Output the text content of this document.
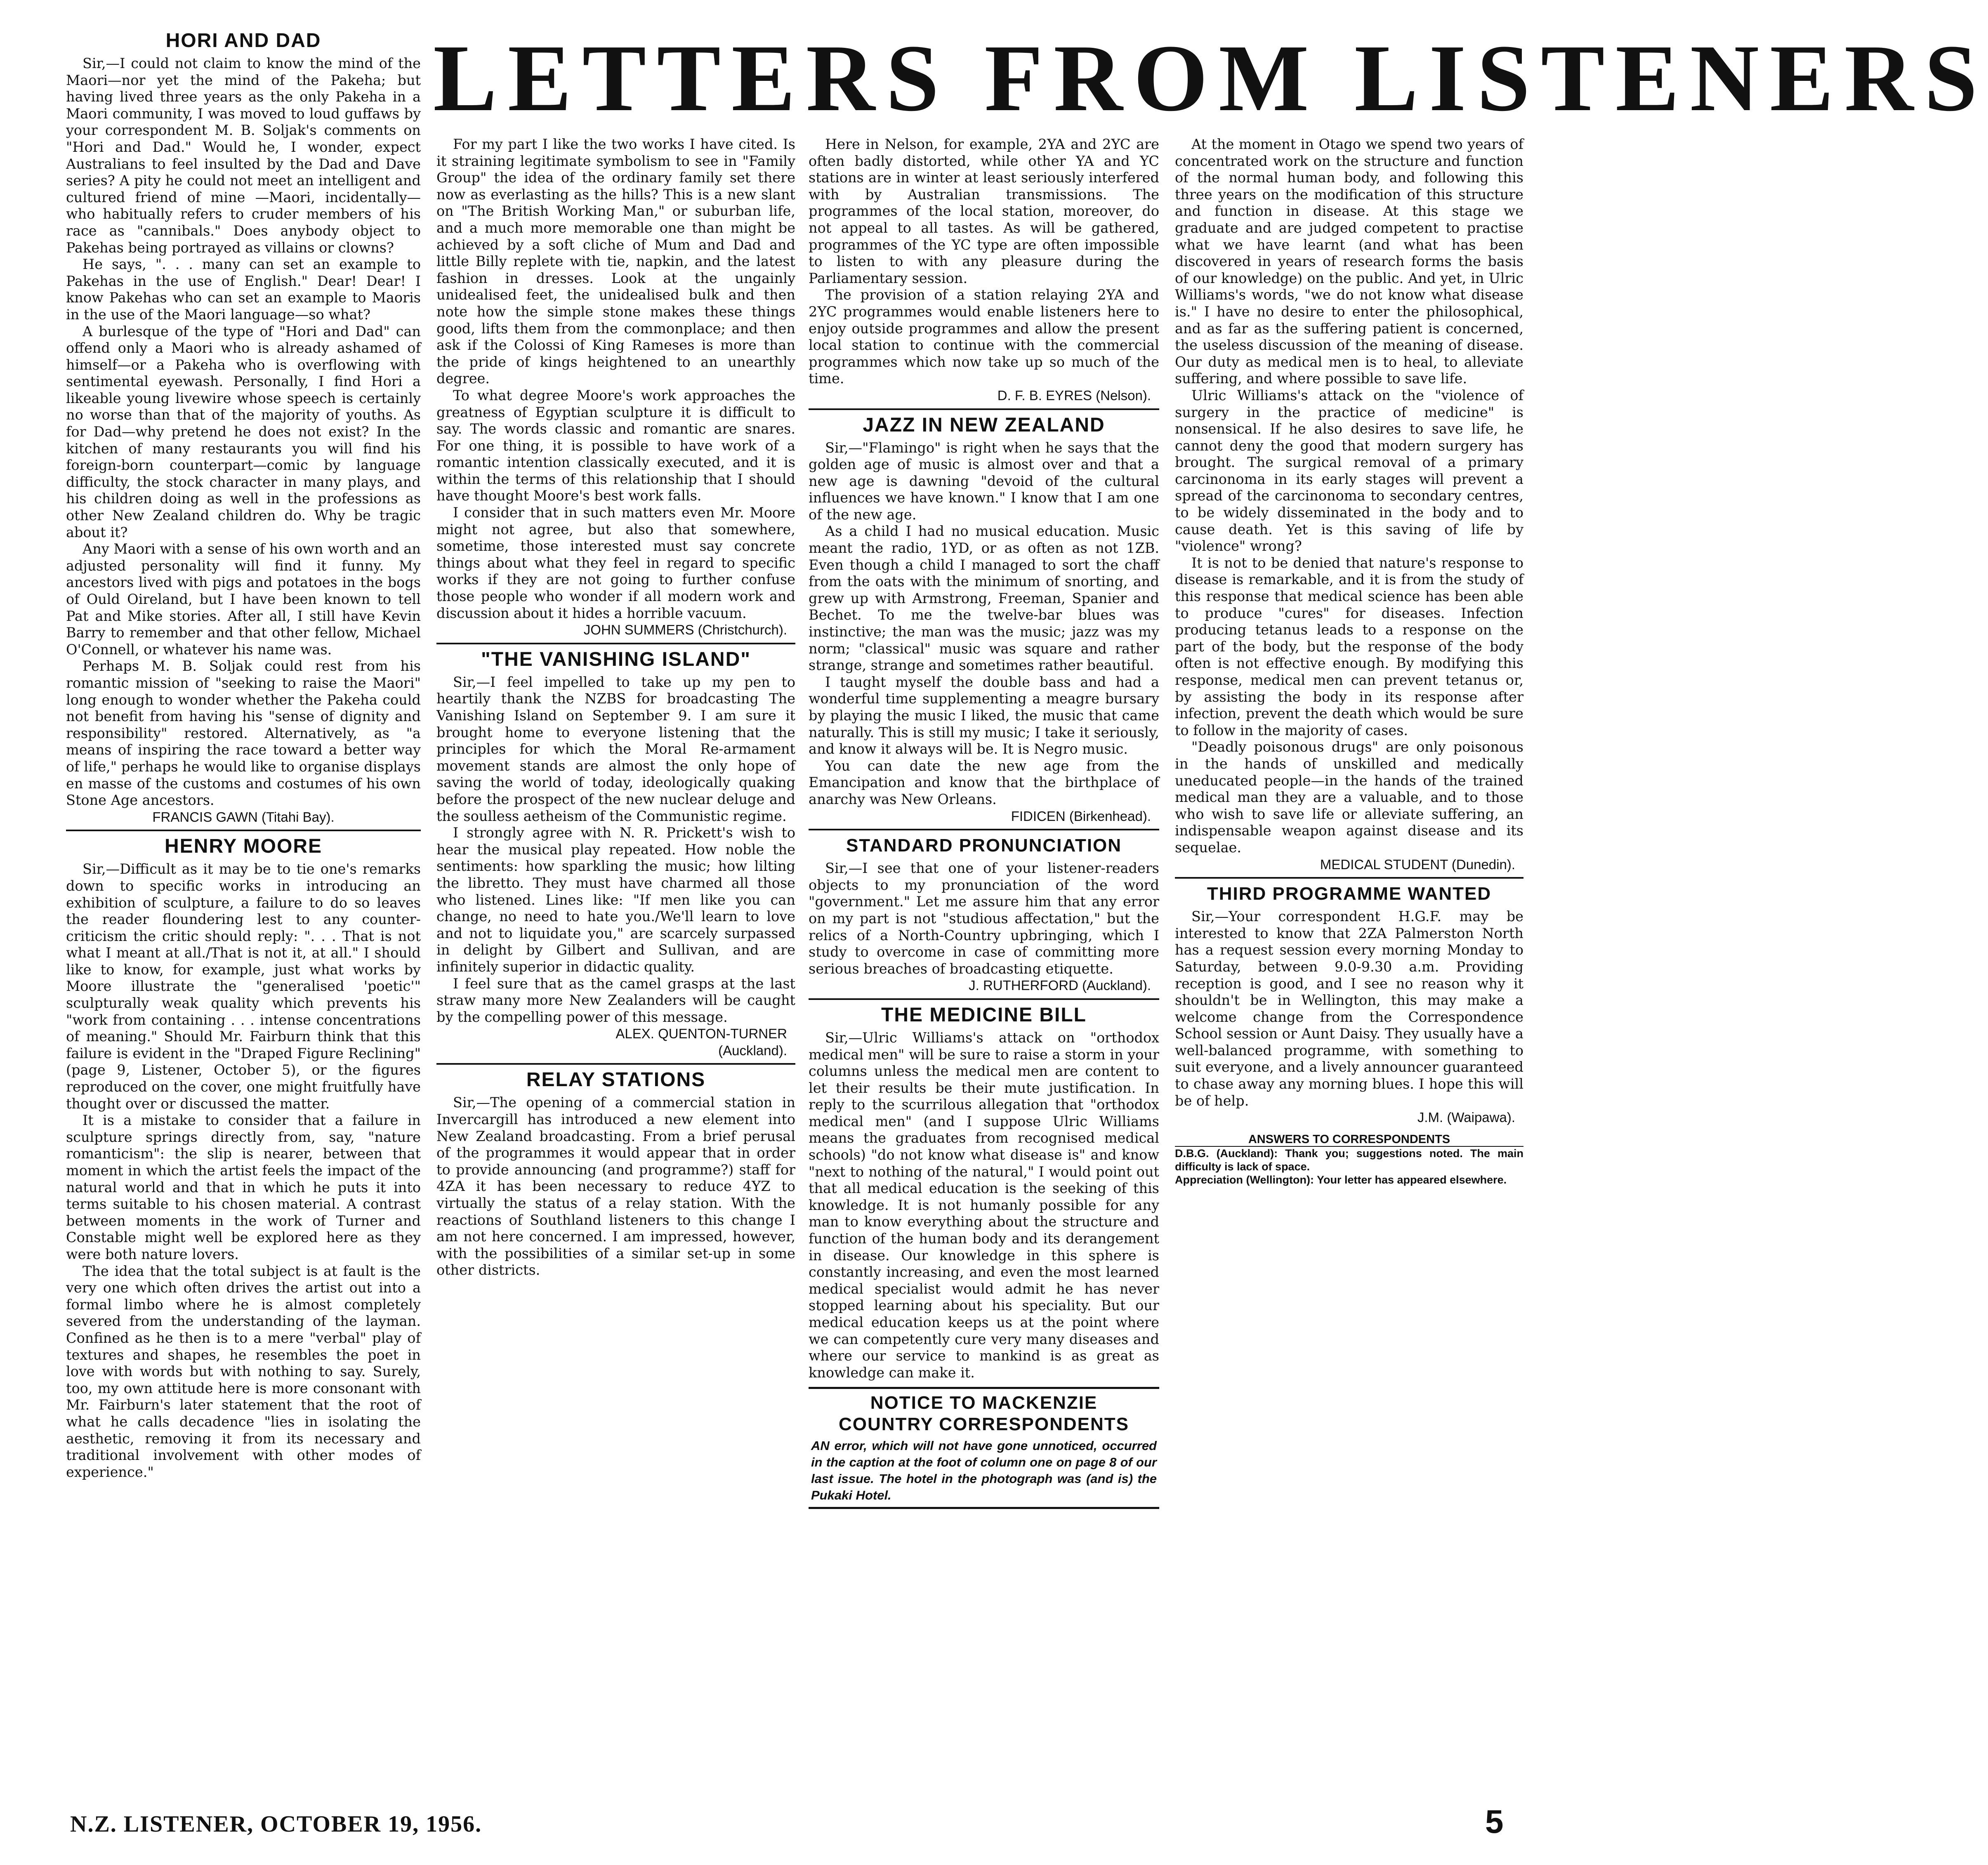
LETTERS FROM LISTENERS
HORI AND DAD

Sir,—I could not claim to know the mind of the Maori—nor yet the mind of the Pakeha; but having lived three years as the only Pakeha in a Maori community, I was moved to loud guffaws by your correspondent M. B. Soljak's comments on "Hori and Dad." Would he, I wonder, expect Australians to feel insulted by the Dad and Dave series? A pity he could not meet an intelligent and cultured friend of mine —Maori, incidentally—who habitually refers to cruder members of his race as "cannibals." Does anybody object to Pakehas being portrayed as villains or clowns?

He says, ". . . many can set an example to Pakehas in the use of English." Dear! Dear! I know Pakehas who can set an example to Maoris in the use of the Maori language—so what?

A burlesque of the type of "Hori and Dad" can offend only a Maori who is already ashamed of himself—or a Pakeha who is overflowing with sentimental eyewash. Personally, I find Hori a likeable young livewire whose speech is certainly no worse than that of the majority of youths. As for Dad—why pretend he does not exist? In the kitchen of many restaurants you will find his foreign-born counterpart—comic by language difficulty, the stock character in many plays, and his children doing as well in the professions as other New Zealand children do. Why be tragic about it?

Any Maori with a sense of his own worth and an adjusted personality will find it funny. My ancestors lived with pigs and potatoes in the bogs of Ould Oireland, but I have been known to tell Pat and Mike stories. After all, I still have Kevin Barry to remember and that other fellow, Michael O'Connell, or whatever his name was.

Perhaps M. B. Soljak could rest from his romantic mission of "seeking to raise the Maori" long enough to wonder whether the Pakeha could not benefit from having his "sense of dignity and responsibility" restored. Alternatively, as "a means of inspiring the race toward a better way of life," perhaps he would like to organise displays en masse of the customs and costumes of his own Stone Age ancestors.

FRANCIS GAWN (Titahi Bay).

HENRY MOORE

Sir,—Difficult as it may be to tie one's remarks down to specific works in introducing an exhibition of sculpture, a failure to do so leaves the reader floundering lest to any counter-criticism the critic should reply: ". . . That is not what I meant at all./That is not it, at all." I should like to know, for example, just what works by Moore illustrate the "generalised 'poetic'" sculpturally weak quality which prevents his "work from containing . . . intense concentrations of meaning." Should Mr. Fairburn think that this failure is evident in the "Draped Figure Reclining" (page 9, Listener, October 5), or the figures reproduced on the cover, one might fruitfully have thought over or discussed the matter.

It is a mistake to consider that a failure in sculpture springs directly from, say, "nature romanticism": the slip is nearer, between that moment in which the artist feels the impact of the natural world and that in which he puts it into terms suitable to his chosen material. A contrast between moments in the work of Turner and Constable might well be explored here as they were both nature lovers.

The idea that the total subject is at fault is the very one which often drives the artist out into a formal limbo where he is almost completely severed from the understanding of the layman. Confined as he then is to a mere "verbal" play of textures and shapes, he resembles the poet in love with words but with nothing to say. Surely, too, my own attitude here is more consonant with Mr. Fairburn's later statement that the root of what he calls decadence "lies in isolating the aesthetic, removing it from its necessary and traditional involvement with other modes of experience."

For my part I like the two works I have cited. Is it straining legitimate symbolism to see in "Family Group" the idea of the ordinary family set there now as everlasting as the hills? This is a new slant on "The British Working Man," or suburban life, and a much more memorable one than might be achieved by a soft cliche of Mum and Dad and little Billy replete with tie, napkin, and the latest fashion in dresses. Look at the ungainly unidealised feet, the unidealised bulk and then note how the simple stone makes these things good, lifts them from the commonplace; and then ask if the Colossi of King Rameses is more than the pride of kings heightened to an unearthly degree.

To what degree Moore's work approaches the greatness of Egyptian sculpture it is difficult to say. The words classic and romantic are snares. For one thing, it is possible to have work of a romantic intention classically executed, and it is within the terms of this relationship that I should have thought Moore's best work falls.

I consider that in such matters even Mr. Moore might not agree, but also that somewhere, sometime, those interested must say concrete things about what they feel in regard to specific works if they are not going to further confuse those people who wonder if all modern work and discussion about it hides a horrible vacuum.

JOHN SUMMERS (Christchurch).

"THE VANISHING ISLAND"

Sir,—I feel impelled to take up my pen to heartily thank the NZBS for broadcasting The Vanishing Island on September 9. I am sure it brought home to everyone listening that the principles for which the Moral Re-armament movement stands are almost the only hope of saving the world of today, ideologically quaking before the prospect of the new nuclear deluge and the soulless aetheism of the Communistic regime.

I strongly agree with N. R. Prickett's wish to hear the musical play repeated. How noble the sentiments: how sparkling the music; how lilting the libretto. They must have charmed all those who listened. Lines like: "If men like you can change, no need to hate you./We'll learn to love and not to liquidate you," are scarcely surpassed in delight by Gilbert and Sullivan, and are infinitely superior in didactic quality.

I feel sure that as the camel grasps at the last straw many more New Zealanders will be caught by the compelling power of this message.

ALEX. QUENTON-TURNER

(Auckland).

RELAY STATIONS

Sir,—The opening of a commercial station in Invercargill has introduced a new element into New Zealand broadcasting. From a brief perusal of the programmes it would appear that in order to provide announcing (and programme?) staff for 4ZA it has been necessary to reduce 4YZ to virtually the status of a relay station. With the reactions of Southland listeners to this change I am not here concerned. I am impressed, however, with the possibilities of a similar set-up in some other districts.

Here in Nelson, for example, 2YA and 2YC are often badly distorted, while other YA and YC stations are in winter at least seriously interfered with by Australian transmissions. The programmes of the local station, moreover, do not appeal to all tastes. As will be gathered, programmes of the YC type are often impossible to listen to with any pleasure during the Parliamentary session.

The provision of a station relaying 2YA and 2YC programmes would enable listeners here to enjoy outside programmes and allow the present local station to continue with the commercial programmes which now take up so much of the time.

D. F. B. EYRES (Nelson).

JAZZ IN NEW ZEALAND

Sir,—"Flamingo" is right when he says that the golden age of music is almost over and that a new age is dawning "devoid of the cultural influences we have known." I know that I am one of the new age.

As a child I had no musical education. Music meant the radio, 1YD, or as often as not 1ZB. Even though a child I managed to sort the chaff from the oats with the minimum of snorting, and grew up with Armstrong, Freeman, Spanier and Bechet. To me the twelve-bar blues was instinctive; the man was the music; jazz was my norm; "classical" music was square and rather strange, strange and sometimes rather beautiful.

I taught myself the double bass and had a wonderful time supplementing a meagre bursary by playing the music I liked, the music that came naturally. This is still my music; I take it seriously, and know it always will be. It is Negro music.

You can date the new age from the Emancipation and know that the birthplace of anarchy was New Orleans.

FIDICEN (Birkenhead).

STANDARD PRONUNCIATION

Sir,—I see that one of your listener-readers objects to my pronunciation of the word "government." Let me assure him that any error on my part is not "studious affectation," but the relics of a North-Country upbringing, which I study to overcome in case of committing more serious breaches of broadcasting etiquette.

J. RUTHERFORD (Auckland).

THE MEDICINE BILL

Sir,—Ulric Williams's attack on "orthodox medical men" will be sure to raise a storm in your columns unless the medical men are content to let their results be their mute justification. In reply to the scurrilous allegation that "orthodox medical men" (and I suppose Ulric Williams means the graduates from recognised medical schools) "do not know what disease is" and know "next to nothing of the natural," I would point out that all medical education is the seeking of this knowledge. It is not humanly possible for any man to know everything about the structure and function of the human body and its derangement in disease. Our knowledge in this sphere is constantly increasing, and even the most learned medical specialist would admit he has never stopped learning about his speciality. But our medical education keeps us at the point where we can competently cure very many diseases and where our service to mankind is as great as knowledge can make it.

NOTICE TO MACKENZIE
COUNTRY CORRESPONDENTS
AN error, which will not have gone unnoticed, occurred in the caption at the foot of column one on page 8 of our last issue. The hotel in the photograph was (and is) the Pukaki Hotel.

At the moment in Otago we spend two years of concentrated work on the structure and function of the normal human body, and following this three years on the modification of this structure and function in disease. At this stage we graduate and are judged competent to practise what we have learnt (and what has been discovered in years of research forms the basis of our knowledge) on the public. And yet, in Ulric Williams's words, "we do not know what disease is." I have no desire to enter the philosophical, and as far as the suffering patient is concerned, the useless discussion of the meaning of disease. Our duty as medical men is to heal, to alleviate suffering, and where possible to save life.

Ulric Williams's attack on the "violence of surgery in the practice of medicine" is nonsensical. If he also desires to save life, he cannot deny the good that modern surgery has brought. The surgical removal of a primary carcinonoma in its early stages will prevent a spread of the carcinonoma to secondary centres, to be widely disseminated in the body and to cause death. Yet is this saving of life by "violence" wrong?

It is not to be denied that nature's response to disease is remarkable, and it is from the study of this response that medical science has been able to produce "cures" for diseases. Infection producing tetanus leads to a response on the part of the body, but the response of the body often is not effective enough. By modifying this response, medical men can prevent tetanus or, by assisting the body in its response after infection, prevent the death which would be sure to follow in the majority of cases.

"Deadly poisonous drugs" are only poisonous in the hands of unskilled and medically uneducated people—in the hands of the trained medical man they are a valuable, and to those who wish to save life or alleviate suffering, an indispensable weapon against disease and its sequelae.

MEDICAL STUDENT (Dunedin).

THIRD PROGRAMME WANTED

Sir,—Your correspondent H.G.F. may be interested to know that 2ZA Palmerston North has a request session every morning Monday to Saturday, between 9.0-9.30 a.m. Providing reception is good, and I see no reason why it shouldn't be in Wellington, this may make a welcome change from the Correspondence School session or Aunt Daisy. They usually have a well-balanced programme, with something to suit everyone, and a lively announcer guaranteed to chase away any morning blues. I hope this will be of help.

J.M. (Waipawa).

ANSWERS TO CORRESPONDENTS

D.B.G. (Auckland): Thank you; suggestions noted. The main difficulty is lack of space.

Appreciation (Wellington): Your letter has appeared elsewhere.

N.Z. LISTENER, OCTOBER 19, 1956.	5
